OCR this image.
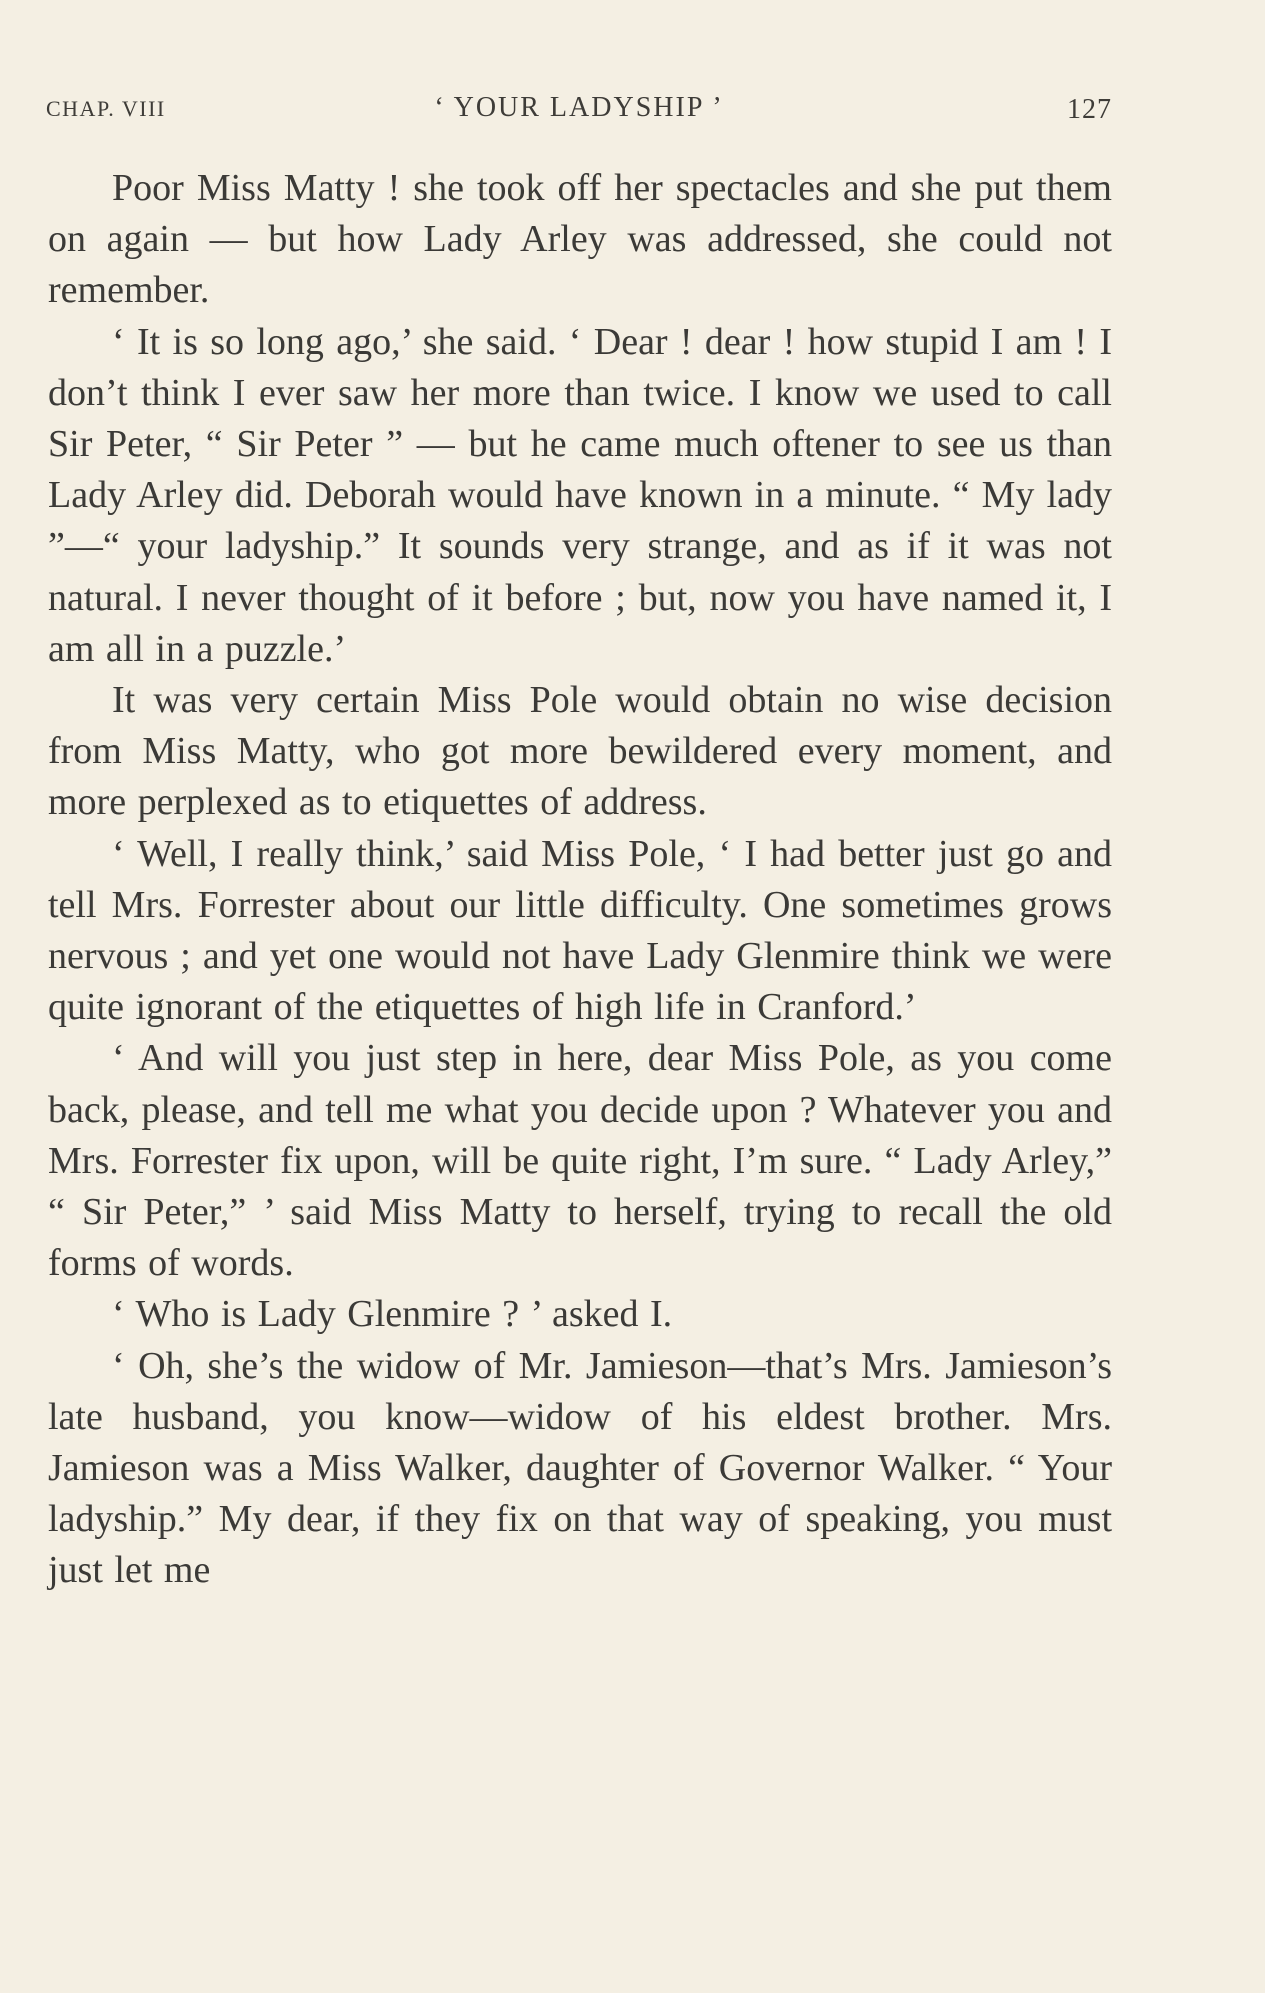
CHAP. VIII	‘ YOUR LADYSHIP ’	127

Poor Miss Matty ! she took off her spectacles and she put them on again — but how Lady Arley was addressed, she could not remember.

‘ It is so long ago,’ she said. ‘ Dear ! dear ! how stupid I am ! I don’t think I ever saw her more than twice. I know we used to call Sir Peter, “ Sir Peter ” — but he came much oftener to see us than Lady Arley did. Deborah would have known in a minute. “ My lady ”—“ your ladyship.” It sounds very strange, and as if it was not natural. I never thought of it before ; but, now you have named it, I am all in a puzzle.’

It was very certain Miss Pole would obtain no wise decision from Miss Matty, who got more bewildered every moment, and more perplexed as to etiquettes of address.

‘ Well, I really think,’ said Miss Pole, ‘ I had better just go and tell Mrs. Forrester about our little difficulty. One sometimes grows nervous ; and yet one would not have Lady Glenmire think we were quite ignorant of the etiquettes of high life in Cranford.’

‘ And will you just step in here, dear Miss Pole, as you come back, please, and tell me what you decide upon ? Whatever you and Mrs. Forrester fix upon, will be quite right, I’m sure. “ Lady Arley,” “ Sir Peter,” ’ said Miss Matty to herself, trying to recall the old forms of words.

‘ Who is Lady Glenmire ? ’ asked I.

‘ Oh, she’s the widow of Mr. Jamieson—that’s Mrs. Jamieson’s late husband, you know—widow of his eldest brother. Mrs. Jamieson was a Miss Walker, daughter of Governor Walker. “ Your ladyship.” My dear, if they fix on that way of speaking, you must just let me
